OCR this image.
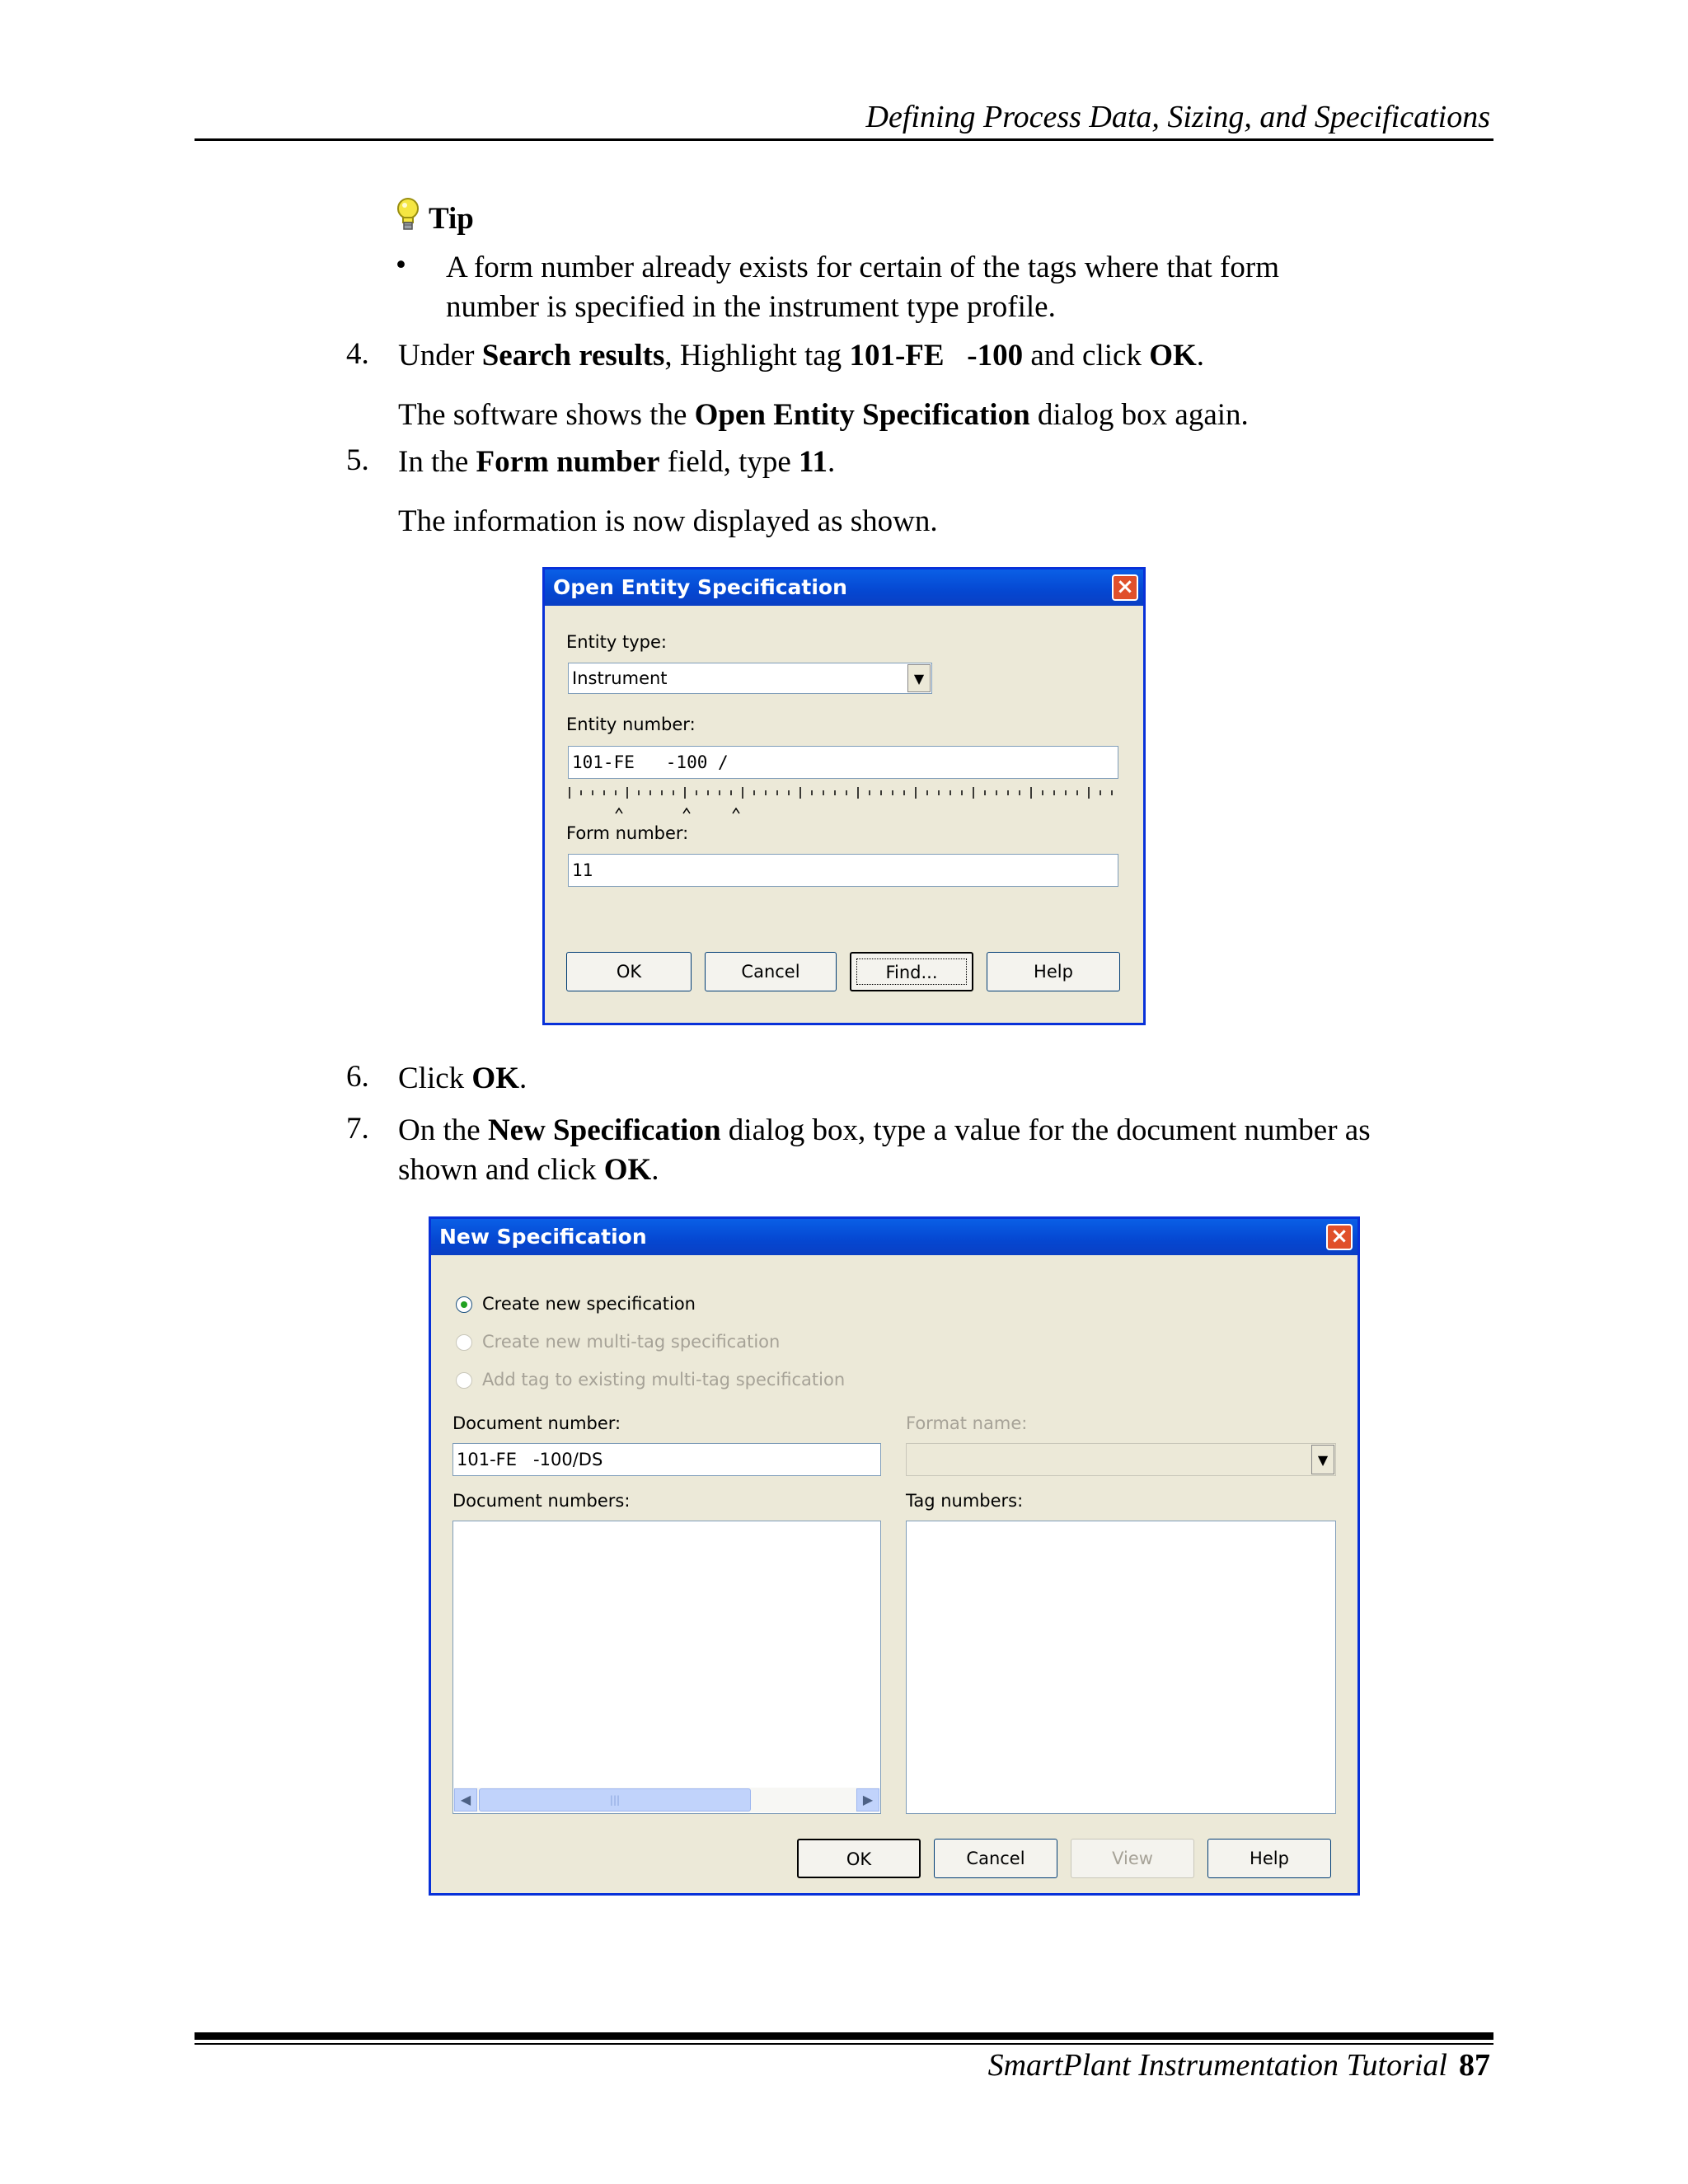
Defining Process Data, Sizing, and Specifications
Tip
• A form number already exists for certain of the tags where that form
number is specified in the instrument type profile.
4. Under Search results, Highlight tag 101-FE   -100 and click OK.
The software shows the Open Entity Specification dialog box again.
5. In the Form number field, type 11.
The information is now displayed as shown.
Open Entity Specification	×
Entity type:
Instrument	▼
Entity number:
101-FE   -100 /
Form number:
11
OK	Cancel	Find...	Help
6. Click OK.
7. On the New Specification dialog box, type a value for the document number as
shown and click OK.
New Specification	×
Create new specification
Create new multi-tag specification
Add tag to existing multi-tag specification
Document number:
101-FE   -100/DS
Format name:
▼
Document numbers:
◀	|||	▶
Tag numbers:
OK	Cancel	View	Help
SmartPlant Instrumentation Tutorial 87
